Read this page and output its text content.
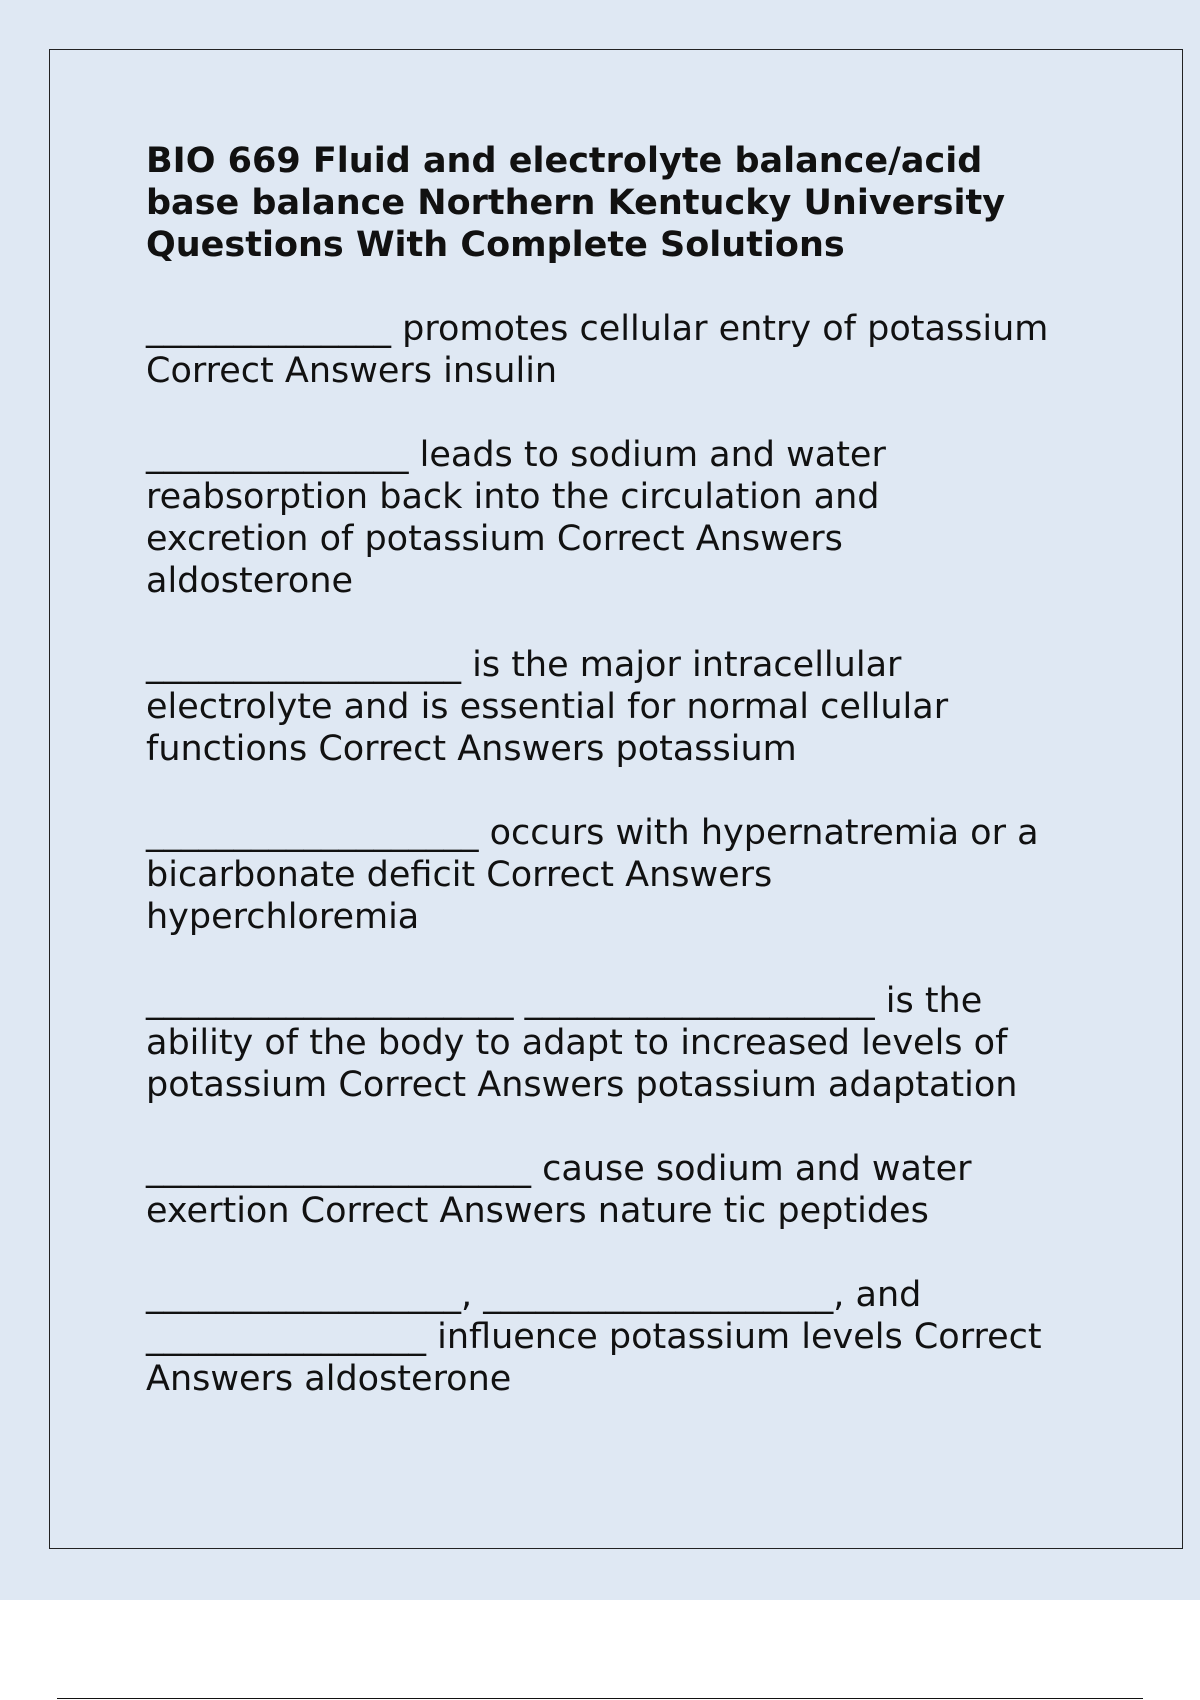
BIO 669 Fluid and electrolyte balance/acid
base balance Northern Kentucky University
Questions With Complete Solutions
______________ promotes cellular entry of potassium
Correct Answers insulin
_______________ leads to sodium and water
reabsorption back into the circulation and
excretion of potassium Correct Answers
aldosterone
__________________ is the major intracellular
electrolyte and is essential for normal cellular
functions Correct Answers potassium
___________________ occurs with hypernatremia or a
bicarbonate deficit Correct Answers
hyperchloremia
_____________________ ____________________ is the
ability of the body to adapt to increased levels of
potassium Correct Answers potassium adaptation
______________________ cause sodium and water
exertion Correct Answers nature tic peptides
__________________, ____________________, and
________________ influence potassium levels Correct
Answers aldosterone
